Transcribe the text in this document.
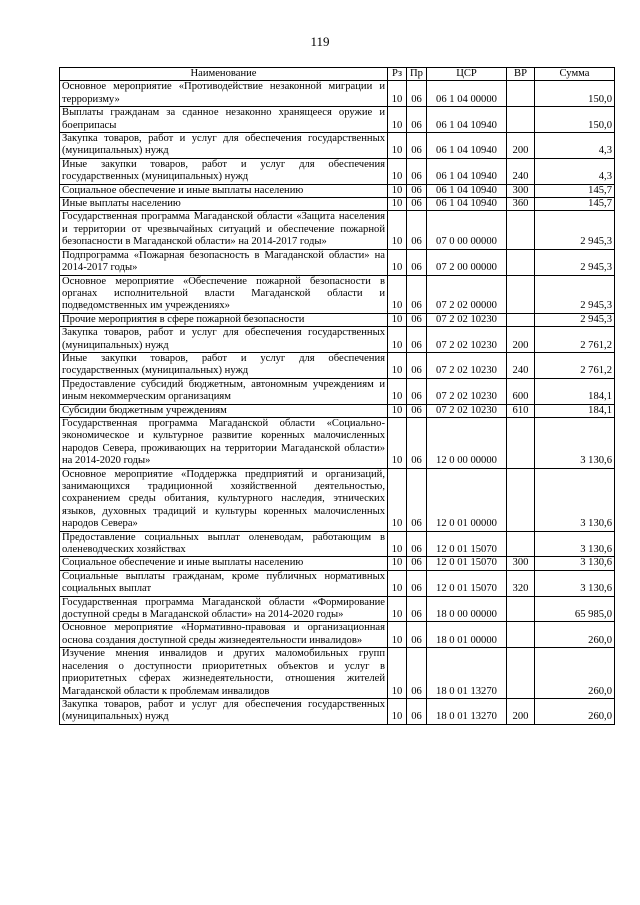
119
Наименование	Рз	Пр	ЦСР	ВР	Сумма
Основное мероприятие «Противодействие незаконной миграции и терроризму»	10	06	06 1 04 00000		150,0
Выплаты гражданам за сданное незаконно хранящееся оружие и боеприпасы	10	06	06 1 04 10940		150,0
Закупка товаров, работ и услуг для обеспечения государственных (муниципальных) нужд	10	06	06 1 04 10940	200	4,3
Иные закупки товаров, работ и услуг для обеспечения государственных (муниципальных) нужд	10	06	06 1 04 10940	240	4,3
Социальное обеспечение и иные выплаты населению	10	06	06 1 04 10940	300	145,7
Иные выплаты населению	10	06	06 1 04 10940	360	145,7
Государственная программа Магаданской области «Защита населения и территории от чрезвычайных ситуаций и обеспечение пожарной безопасности в Магаданской области» на 2014-2017 годы»	10	06	07 0 00 00000		2 945,3
Подпрограмма «Пожарная безопасность в Магаданской области» на 2014-2017 годы»	10	06	07 2 00 00000		2 945,3
Основное мероприятие «Обеспечение пожарной безопасности в органах исполнительной власти Магаданской области и подведомственных им учреждениях»	10	06	07 2 02 00000		2 945,3
Прочие мероприятия в сфере пожарной безопасности	10	06	07 2 02 10230		2 945,3
Закупка товаров, работ и услуг для обеспечения государственных (муниципальных) нужд	10	06	07 2 02 10230	200	2 761,2
Иные закупки товаров, работ и услуг для обеспечения государственных (муниципальных) нужд	10	06	07 2 02 10230	240	2 761,2
Предоставление субсидий бюджетным, автономным учреждениям и иным некоммерческим организациям	10	06	07 2 02 10230	600	184,1
Субсидии бюджетным учреждениям	10	06	07 2 02 10230	610	184,1
Государственная программа Магаданской области «Социально-экономическое и культурное развитие коренных малочисленных народов Севера, проживающих на территории Магаданской области» на 2014-2020 годы»	10	06	12 0 00 00000		3 130,6
Основное мероприятие «Поддержка предприятий и организаций, занимающихся традиционной хозяйственной деятельностью, сохранением среды обитания, культурного наследия, этнических языков, духовных традиций и культуры коренных малочисленных народов Севера»	10	06	12 0 01 00000		3 130,6
Предоставление социальных выплат оленеводам, работающим в оленеводческих хозяйствах	10	06	12 0 01 15070		3 130,6
Социальное обеспечение и иные выплаты населению	10	06	12 0 01 15070	300	3 130,6
Социальные выплаты гражданам, кроме публичных нормативных социальных выплат	10	06	12 0 01 15070	320	3 130,6
Государственная программа Магаданской области «Формирование доступной среды в Магаданской области» на 2014-2020 годы»	10	06	18 0 00 00000		65 985,0
Основное мероприятие «Нормативно-правовая и организационная основа создания доступной среды жизнедеятельности инвалидов»	10	06	18 0 01 00000		260,0
Изучение мнения инвалидов и других маломобильных групп населения о доступности приоритетных объектов и услуг в приоритетных сферах жизнедеятельности, отношения жителей Магаданской области к проблемам инвалидов	10	06	18 0 01 13270		260,0
Закупка товаров, работ и услуг для обеспечения государственных (муниципальных) нужд	10	06	18 0 01 13270	200	260,0
